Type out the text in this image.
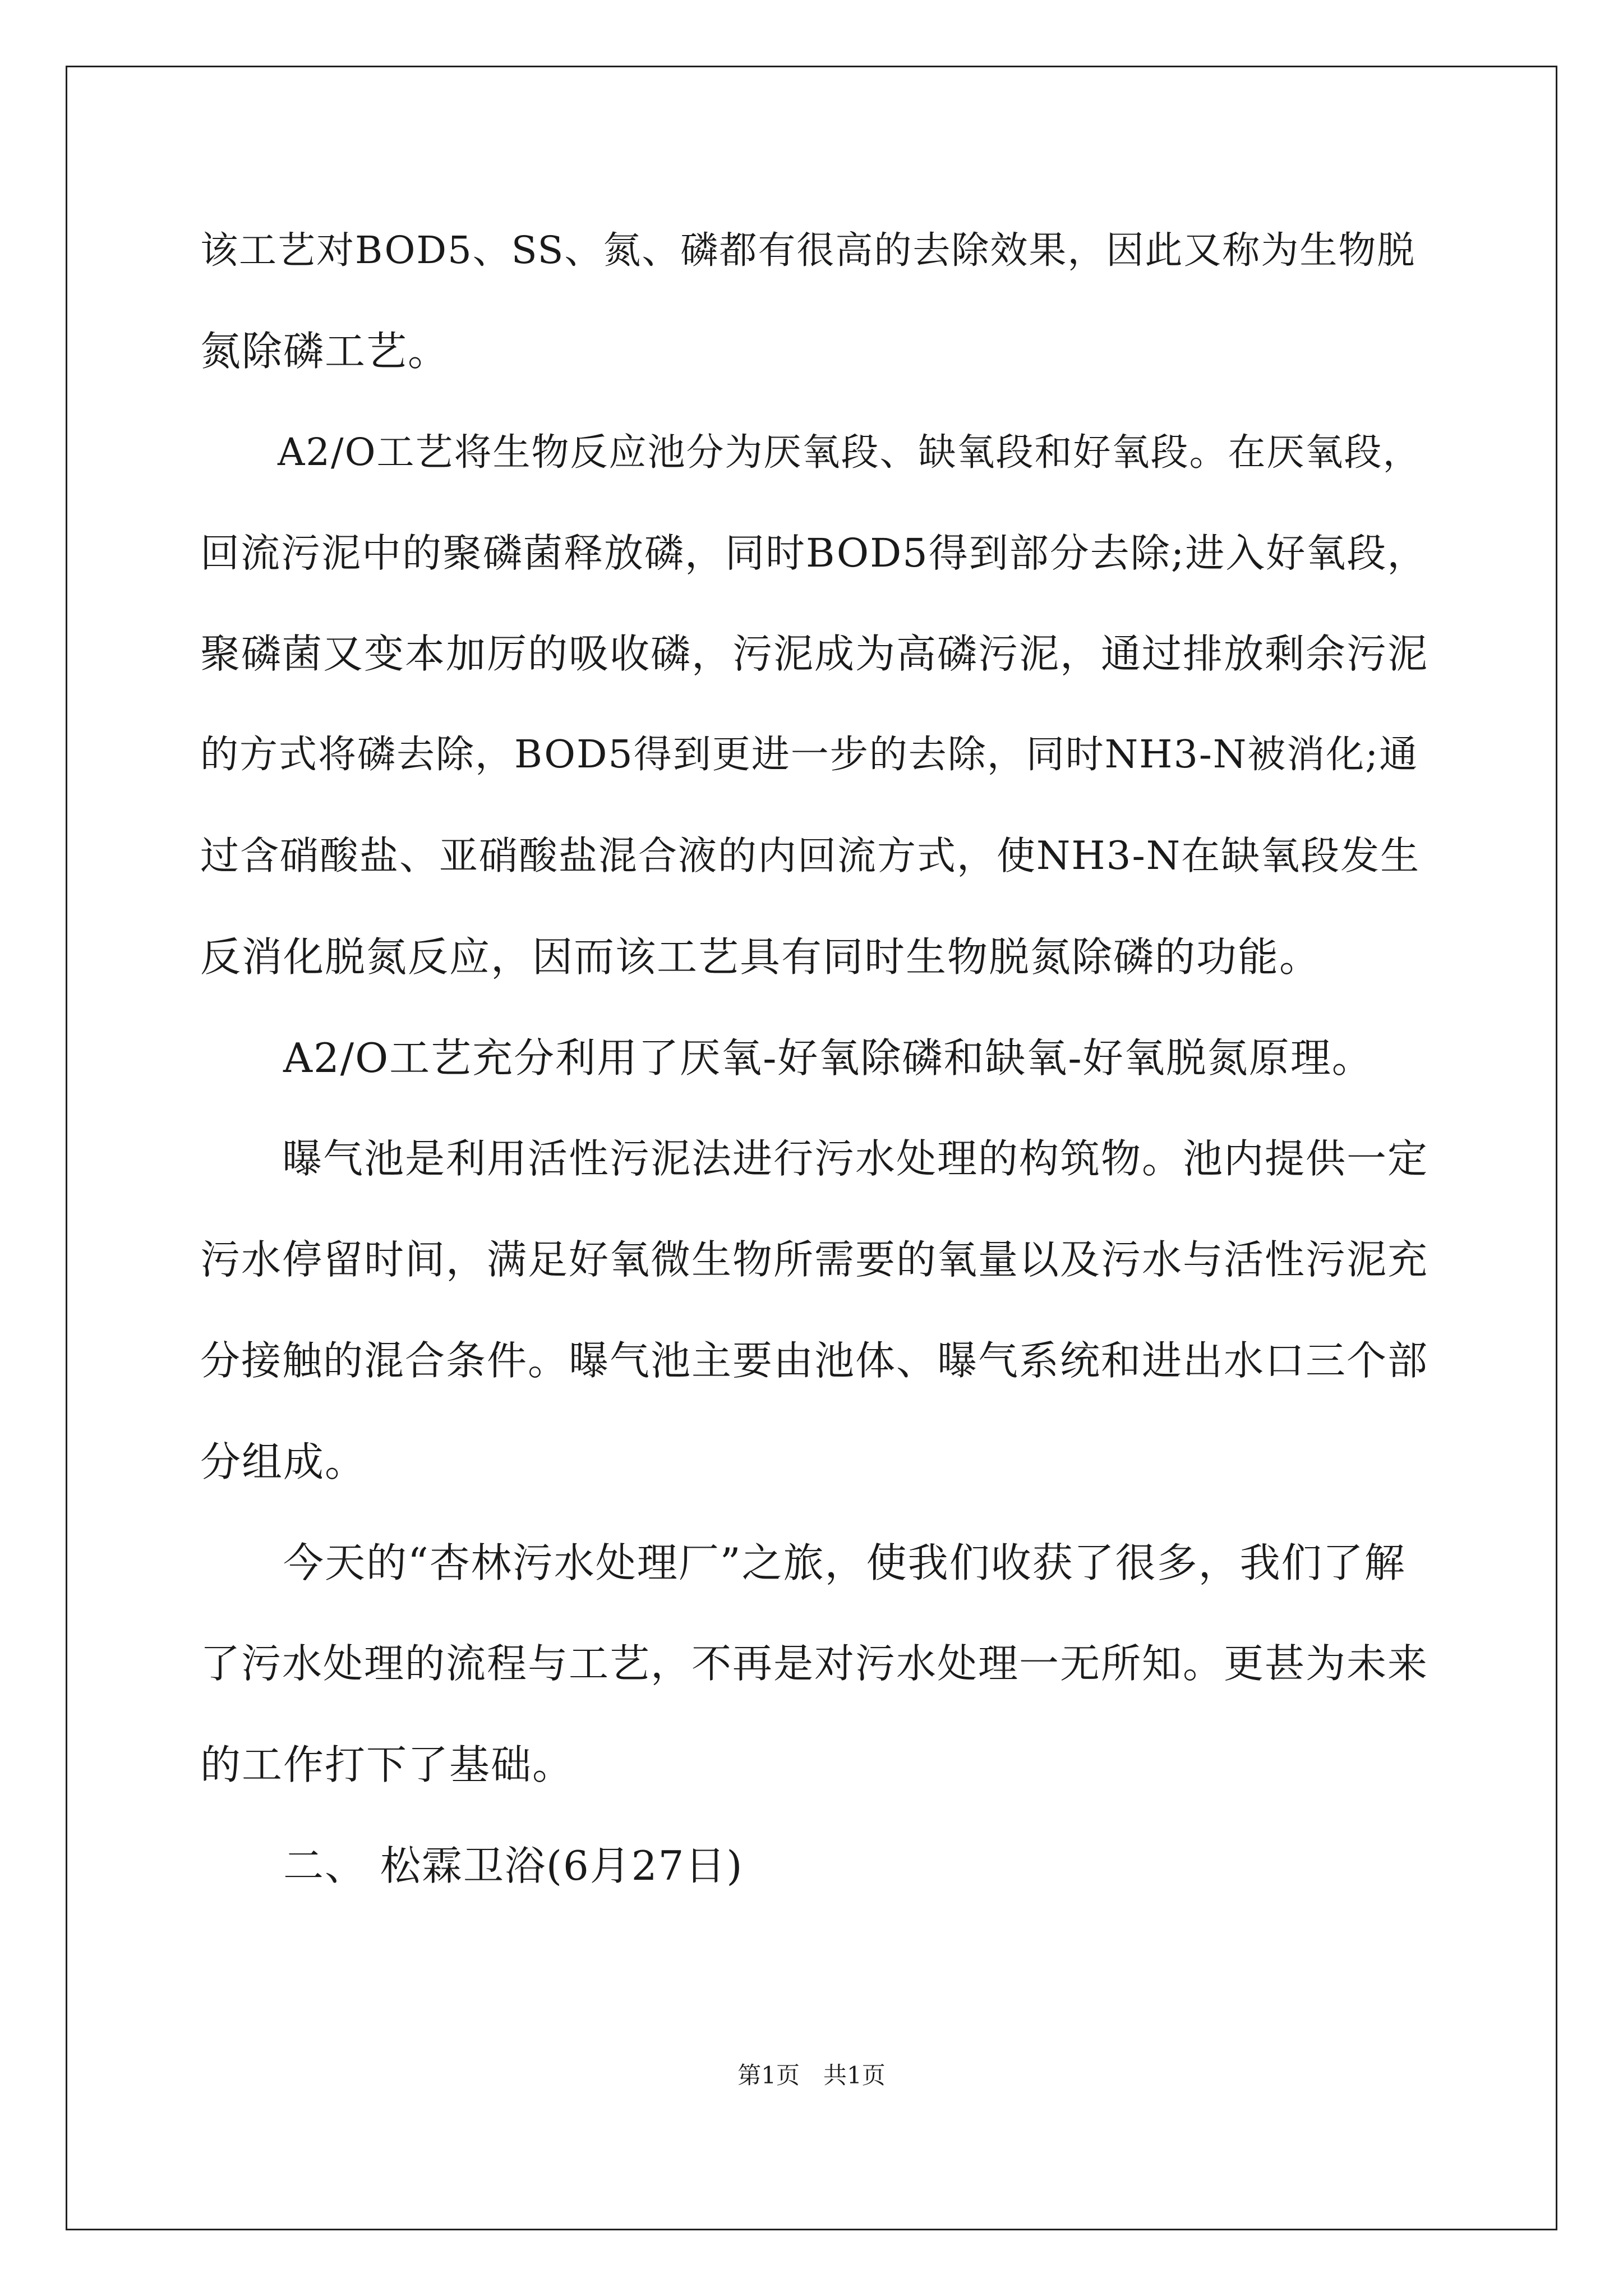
该工艺对BOD5、SS、氮、磷都有很高的去除效果，因此又称为生物脱
氮除磷工艺。
　　A2/O工艺将生物反应池分为厌氧段、缺氧段和好氧段。在厌氧段，
回流污泥中的聚磷菌释放磷，同时BOD5得到部分去除;进入好氧段，
聚磷菌又变本加厉的吸收磷，污泥成为高磷污泥，通过排放剩余污泥
的方式将磷去除，BOD5得到更进一步的去除，同时NH3-N被消化;通
过含硝酸盐、亚硝酸盐混合液的内回流方式，使NH3-N在缺氧段发生
反消化脱氮反应，因而该工艺具有同时生物脱氮除磷的功能。
　　A2/O工艺充分利用了厌氧-好氧除磷和缺氧-好氧脱氮原理。
　　曝气池是利用活性污泥法进行污水处理的构筑物。池内提供一定
污水停留时间，满足好氧微生物所需要的氧量以及污水与活性污泥充
分接触的混合条件。曝气池主要由池体、曝气系统和进出水口三个部
分组成。
　　今天的“杏林污水处理厂”之旅，使我们收获了很多，我们了解
了污水处理的流程与工艺，不再是对污水处理一无所知。更甚为未来
的工作打下了基础。
　　二、 松霖卫浴(6月27日)
第1页　共1页
